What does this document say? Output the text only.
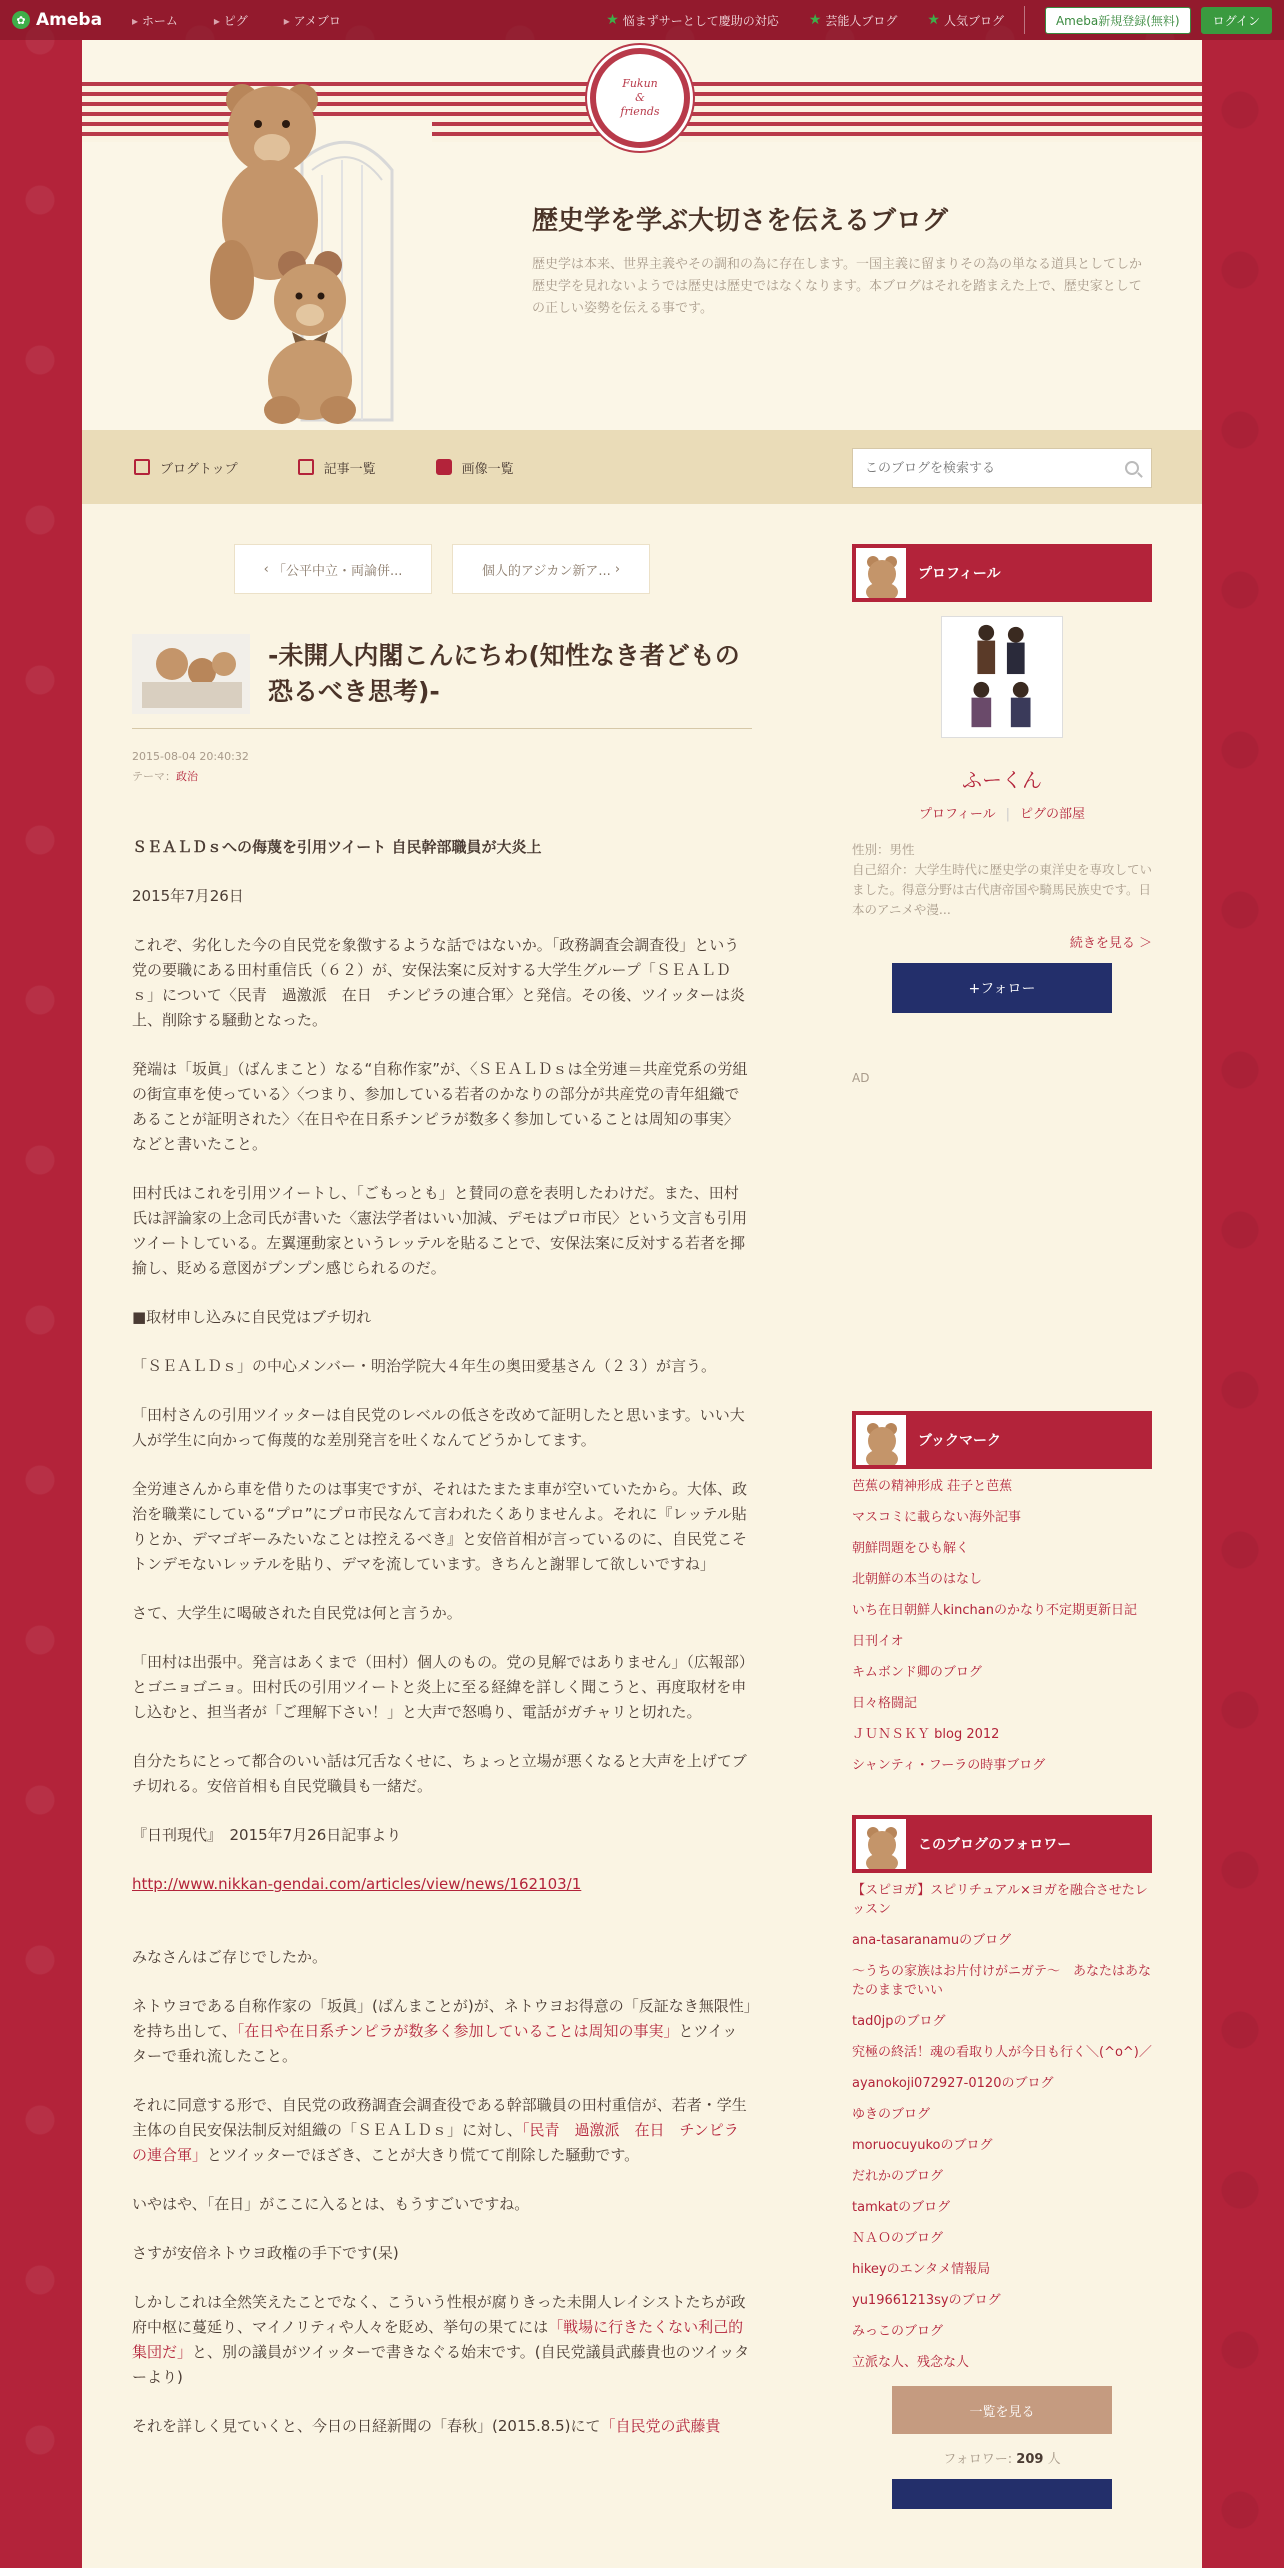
✿ Ameba	▸ ホーム	▸ ピグ	▸ アメブロ	★ 悩まずサーとして慶助の対応 ★ 芸能人ブログ ★ 人気ブログ	Ameba新規登録(無料)	ログイン
Fukun
&
friends
歴史学を学ぶ大切さを伝えるブログ
歴史学は本来、世界主義やその調和の為に存在します。一国主義に留まりその為の単なる道具としてしか歴史学を見れないようでは歴史は歴史ではなくなります。本ブログはそれを踏まえた上で、歴史家としての正しい姿勢を伝える事です。
ブログトップ	記事一覧	画像一覧
このブログを検索する
‹ 「公平中立・両論併...	個人的アジカン新ア... ›
-未開人内閣こんにちわ(知性なき者どもの恐るべき思考)-
2015-08-04 20:40:32
テーマ：政治

ＳＥＡＬＤｓへの侮蔑を引用ツイート 自民幹部職員が大炎上

2015年7月26日

これぞ、劣化した今の自民党を象徴するような話ではないか。「政務調査会調査役」という党の要職にある田村重信氏（６２）が、安保法案に反対する大学生グループ「ＳＥＡＬＤｓ」について〈民青　過激派　在日　チンピラの連合軍〉と発信。その後、ツイッターは炎上、削除する騒動となった。

発端は「坂眞」（ばんまこと）なる“自称作家”が、〈ＳＥＡＬＤｓは全労連＝共産党系の労組の街宣車を使っている〉〈つまり、参加している若者のかなりの部分が共産党の青年組織であることが証明された〉〈在日や在日系チンピラが数多く参加していることは周知の事実〉などと書いたこと。

田村氏はこれを引用ツイートし、「ごもっとも」と賛同の意を表明したわけだ。また、田村氏は評論家の上念司氏が書いた〈憲法学者はいい加減、デモはプロ市民〉という文言も引用ツイートしている。左翼運動家というレッテルを貼ることで、安保法案に反対する若者を揶揄し、貶める意図がプンプン感じられるのだ。

■取材申し込みに自民党はブチ切れ

「ＳＥＡＬＤｓ」の中心メンバー・明治学院大４年生の奥田愛基さん（２３）が言う。

「田村さんの引用ツイッターは自民党のレベルの低さを改めて証明したと思います。いい大人が学生に向かって侮蔑的な差別発言を吐くなんてどうかしてます。

全労連さんから車を借りたのは事実ですが、それはたまたま車が空いていたから。大体、政治を職業にしている“プロ”にプロ市民なんて言われたくありませんよ。それに『レッテル貼りとか、デマゴギーみたいなことは控えるべき』と安倍首相が言っているのに、自民党こそトンデモないレッテルを貼り、デマを流しています。きちんと謝罪して欲しいですね」

さて、大学生に喝破された自民党は何と言うか。

「田村は出張中。発言はあくまで（田村）個人のもの。党の見解ではありません」（広報部）とゴニョゴニョ。田村氏の引用ツイートと炎上に至る経緯を詳しく聞こうと、再度取材を申し込むと、担当者が「ご理解下さい！」と大声で怒鳴り、電話がガチャリと切れた。

自分たちにとって都合のいい話は冗舌なくせに、ちょっと立場が悪くなると大声を上げてブチ切れる。安倍首相も自民党職員も一緒だ。

『日刊現代』　2015年7月26日記事より

http://www.nikkan-gendai.com/articles/view/news/162103/1

みなさんはご存じでしたか。

ネトウヨである自称作家の「坂眞」(ばんまことが)が、ネトウヨお得意の「反証なき無限性」を持ち出して、「在日や在日系チンピラが数多く参加していることは周知の事実」とツイッターで垂れ流したこと。

それに同意する形で、自民党の政務調査会調査役である幹部職員の田村重信が、若者・学生主体の自民安保法制反対組織の「ＳＥＡＬＤｓ」に対し、「民青　過激派　在日　チンピラの連合軍」とツイッターでほざき、ことが大きり慌てて削除した騒動です。

いやはや、「在日」がここに入るとは、もうすごいですね。

さすが安倍ネトウヨ政権の手下です(呆)

しかしこれは全然笑えたことでなく、こういう性根が腐りきった未開人レイシストたちが政府中枢に蔓延り、マイノリティや人々を貶め、挙句の果てには「戦場に行きたくない利己的集団だ」と、別の議員がツイッターで書きなぐる始末です。(自民党議員武藤貴也のツイッターより)

それを詳しく見ていくと、今日の日経新聞の「春秋」(2015.8.5)にて「自民党の武藤貴

プロフィール
ふーくん
プロフィール | ピグの部屋
性別：男性
自己紹介：大学生時代に歴史学の東洋史を専攻していました。得意分野は古代唐帝国や騎馬民族史です。日本のアニメや漫...
続きを見る ＞
+フォロー
AD
ブックマーク
芭蕉の精神形成 荘子と芭蕉
マスコミに載らない海外記事
朝鮮問題をひも解く
北朝鮮の本当のはなし
いち在日朝鮮人kinchanのかなり不定期更新日記
日刊イオ
キムボンド卿のブログ
日々格闘記
ＪＵＮＳＫＹ blog 2012
シャンティ・フーラの時事ブログ
このブログのフォロワー
【スピヨガ】スピリチュアル×ヨガを融合させたレッスン
ana-tasaranamuのブログ
～うちの家族はお片付けがニガテ～　あなたはあなたのままでいい
tad0jpのブログ
究極の終活！魂の看取り人が今日も行く＼(^o^)／
ayanokoji072927-0120のブログ
ゆきのブログ
moruocuyukoのブログ
だれかのブログ
tamkatのブログ
ＮＡＯのブログ
hikeyのエンタメ情報局
yu19661213syのブログ
みっこのブログ
立派な人、残念な人
一覧を見る
フォロワー: 209 人
